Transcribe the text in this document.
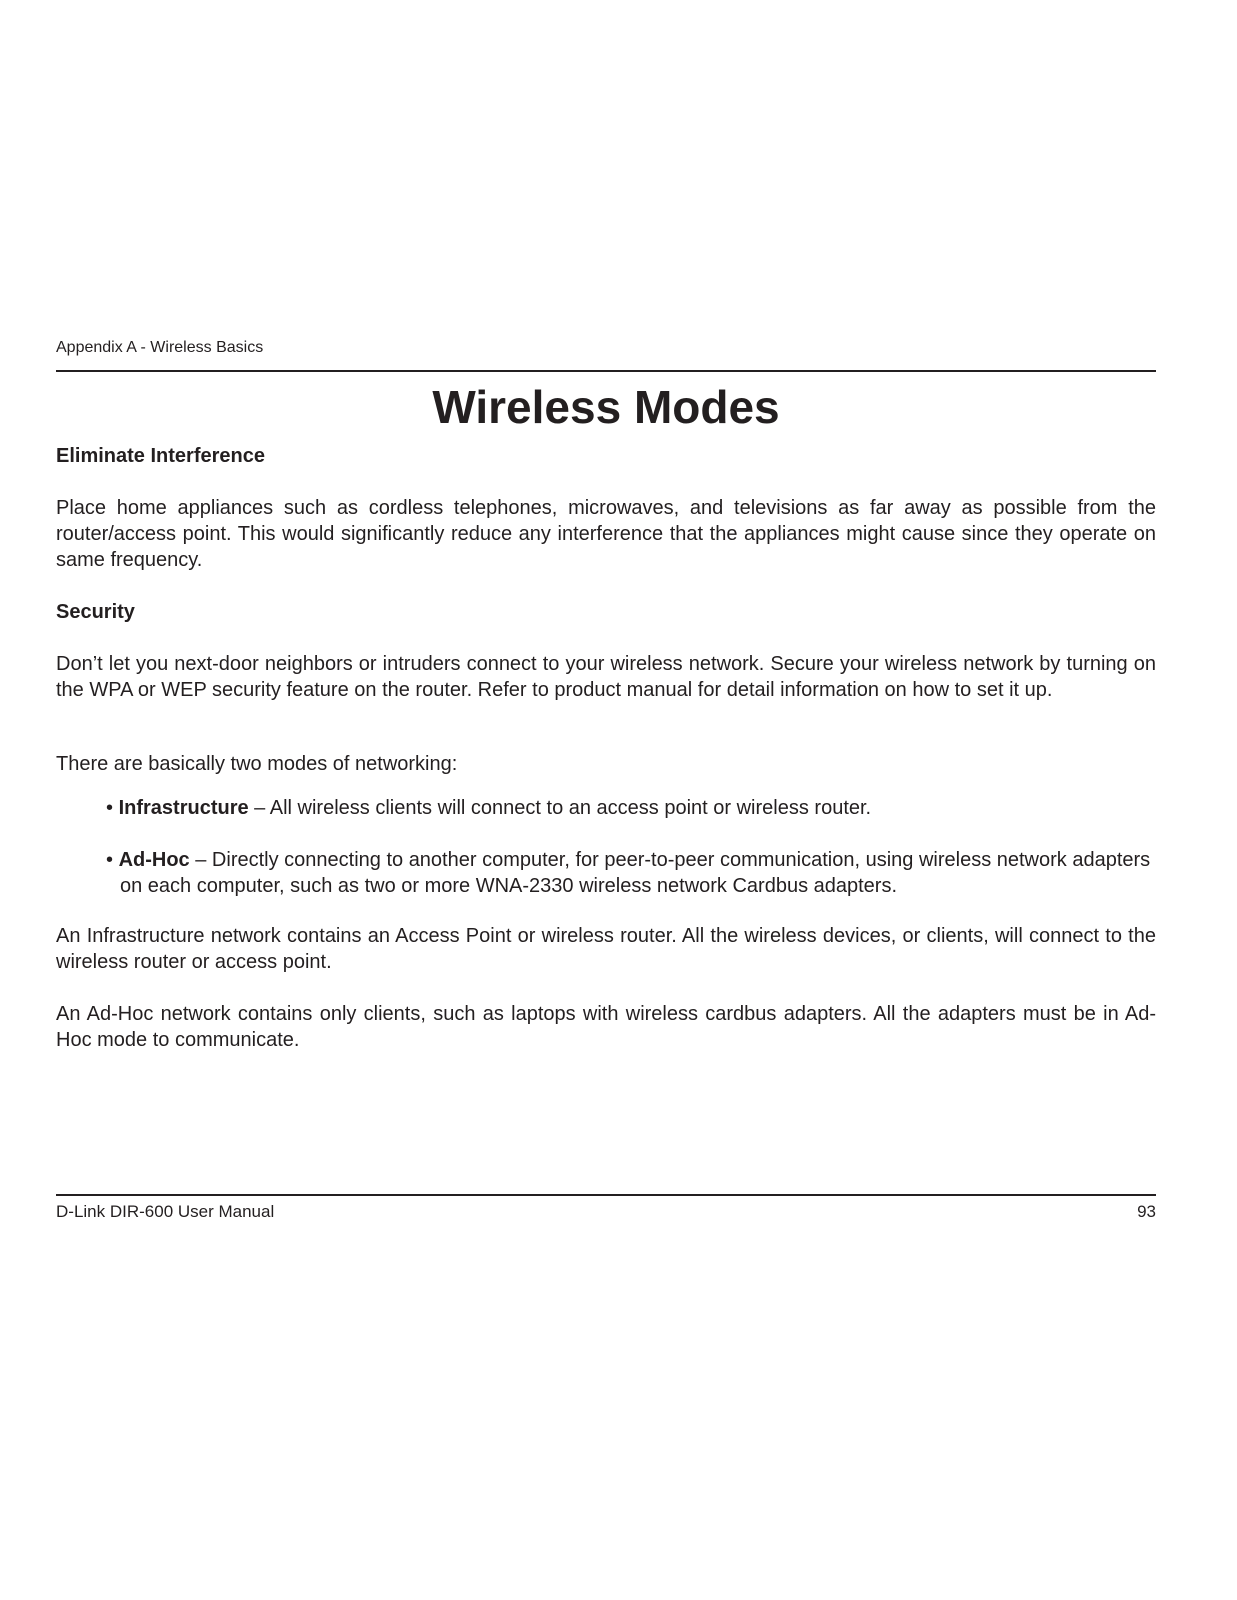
Appendix A - Wireless Basics
Wireless Modes
Eliminate Interference

Place home appliances such as cordless telephones, microwaves, and televisions as far away as possible from the router/access point. This would significantly reduce any interference that the appliances might cause since they operate on same frequency.

Security

Don’t let you next-door neighbors or intruders connect to your wireless network. Secure your wireless network by turning on the WPA or WEP security feature on the router. Refer to product manual for detail information on how to set it up.

There are basically two modes of networking:

• Infrastructure – All wireless clients will connect to an access point or wireless router.
• Ad-Hoc – Directly connecting to another computer, for peer-to-peer communication, using wireless network adapters on each computer, such as two or more WNA-2330 wireless network Cardbus adapters.

An Infrastructure network contains an Access Point or wireless router. All the wireless devices, or clients, will connect to the wireless router or access point.

An Ad-Hoc network contains only clients, such as laptops with wireless cardbus adapters. All the adapters must be in Ad-Hoc mode to communicate.

D-Link DIR-600 User Manual	93
